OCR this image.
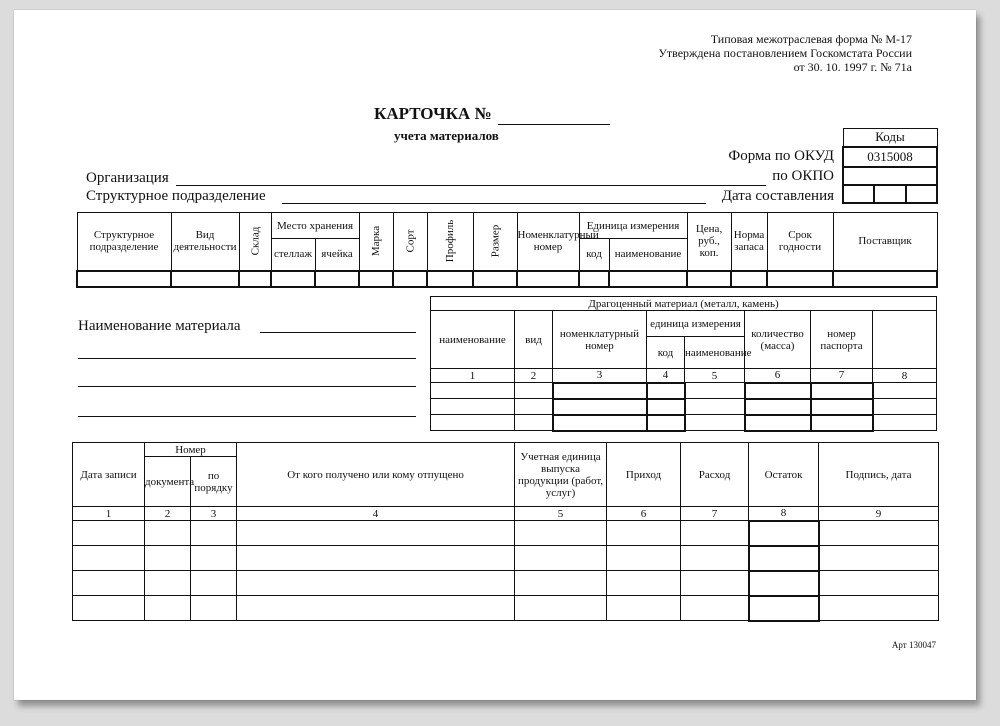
Типовая межотраслевая форма № М-17
Утверждена постановлением Госкомстата России
от 30. 10. 1997 г. № 71а
КАРТОЧКА №
учета материалов	Коды
0315008

Форма по ОКУД
по ОКПО
Дата составления
Организация
Структурное подразделение
Структурное подразделение	Вид деятельности	Склад	Место хранения		Марка	Сорт	Профиль	Размер	Номенклатурный номер	Единица измерения		Цена, руб., коп.	Норма запаса	Срок годности	Поставщик
			стеллаж	ячейка						код	наименование				

Наименование материала
Драгоценный материал (металл, камень)							
наименование	вид	номенклатурный номер	единица измерения		количество (масса)	номер паспорта	
			код	наименование			
1	2	3	4	5	6	7	8

Дата записи	Номер		От кого получено или кому отпущено	Учетная единица выпуска продукции (работ, услуг)	Приход	Расход	Остаток	Подпись, дата
	документа	по порядку						
1	2	3	4	5	6	7	8	9

Арт 130047
